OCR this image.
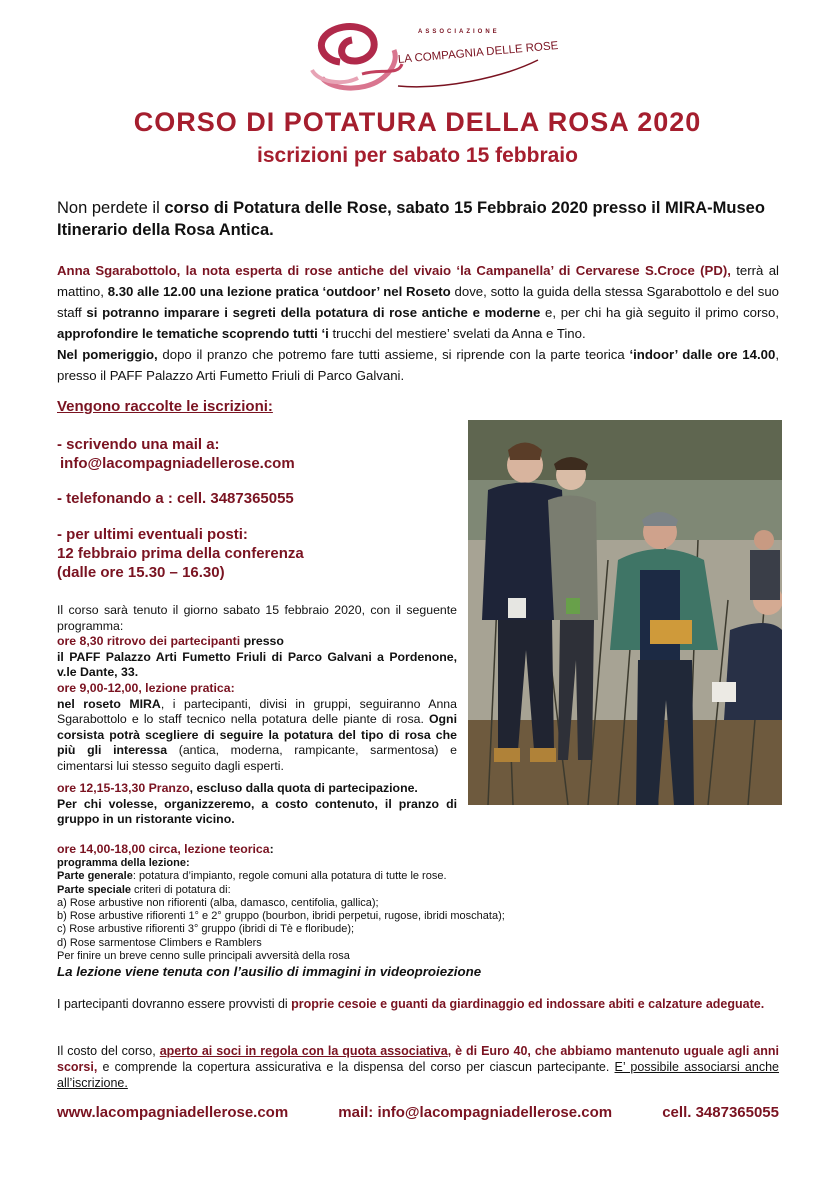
ASSOCIAZIONE
LA COMPAGNIA DELLE ROSE
CORSO DI POTATURA DELLA ROSA 2020
iscrizioni per sabato 15 febbraio
Non perdete il corso di Potatura delle Rose, sabato 15 Febbraio 2020 presso il MIRA-Museo Itinerario della Rosa Antica.
Anna Sgarabottolo, la nota esperta di rose antiche del vivaio ‘la Campanella’ di Cervarese S.Croce (PD), terrà al mattino, 8.30 alle 12.00 una lezione pratica ‘outdoor’ nel Roseto dove, sotto la guida della stessa Sgarabottolo e del suo staff si potranno imparare i segreti della potatura di rose antiche e moderne e, per chi ha già seguito il primo corso, approfondire le tematiche scoprendo tutti ‘i trucchi del mestiere’ svelati da Anna e Tino.
Nel pomeriggio, dopo il pranzo che potremo fare tutti assieme, si riprende con la parte teorica ‘indoor’ dalle ore 14.00, presso il PAFF Palazzo Arti Fumetto Friuli di Parco Galvani.
Vengono raccolte le iscrizioni:
- scrivendo una mail a:
info@lacompagniadellerose.com
- telefonando a : cell. 3487365055
- per ultimi eventuali posti:
12 febbraio prima della conferenza
(dalle ore 15.30 – 16.30)
Il corso sarà tenuto il giorno sabato 15 febbraio 2020, con il seguente programma:
ore 8,30 ritrovo dei partecipanti presso
il PAFF Palazzo Arti Fumetto Friuli di Parco Galvani a Pordenone, v.le Dante, 33.
ore 9,00-12,00, lezione pratica:
nel roseto MIRA, i partecipanti, divisi in gruppi, seguiranno Anna Sgarabottolo e lo staff tecnico nella potatura delle piante di rosa. Ogni corsista potrà scegliere di seguire la potatura del tipo di rosa che più gli interessa (antica, moderna, rampicante, sarmentosa) e cimentarsi lui stesso seguito dagli esperti.
ore 12,15-13,30 Pranzo, escluso dalla quota di partecipazione.
Per chi volesse, organizzeremo, a costo contenuto, il pranzo di gruppo in un ristorante vicino.
ore 14,00-18,00 circa, lezione teorica:
programma della lezione:
Parte generale: potatura d’impianto, regole comuni alla potatura di tutte le rose.
Parte speciale criteri di potatura di:
a) Rose arbustive non rifiorenti (alba, damasco, centifolia, gallica);
b) Rose arbustive rifiorenti 1° e 2° gruppo (bourbon, ibridi perpetui, rugose, ibridi moschata);
c) Rose arbustive rifiorenti 3° gruppo (ibridi di Tè e floribude);
d) Rose sarmentose Climbers e Ramblers
Per finire un breve cenno sulle principali avversità della rosa
La lezione viene tenuta con l’ausilio di immagini in videoproiezione
I partecipanti dovranno essere provvisti di proprie cesoie e guanti da giardinaggio ed indossare abiti e calzature adeguate.
Il costo del corso, aperto ai soci in regola con la quota associativa, è di Euro 40, che abbiamo mantenuto uguale agli anni scorsi, e comprende la copertura assicurativa e la dispensa del corso per ciascun partecipante. E’ possibile associarsi anche all’iscrizione.
www.lacompagniadellerose.com	mail: info@lacompagniadellerose.com	cell. 3487365055
